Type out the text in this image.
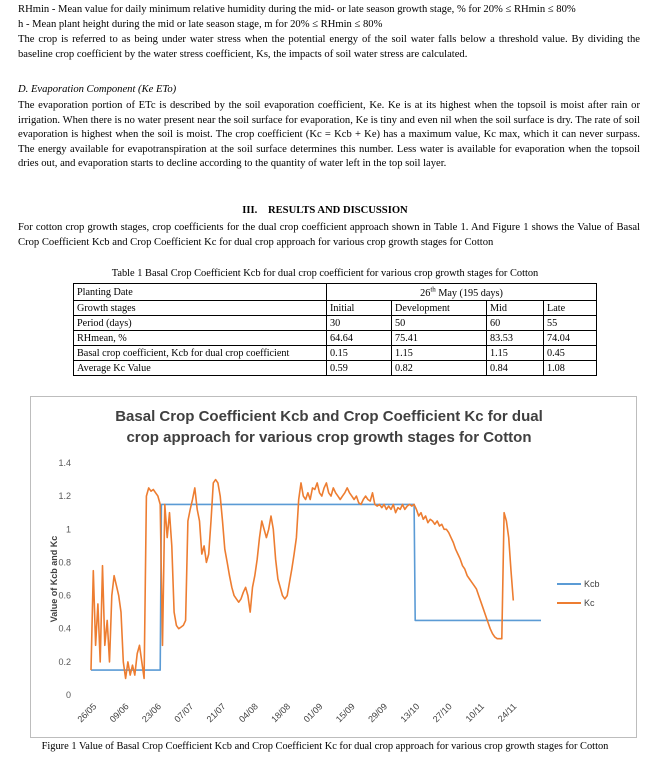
RHmin - Mean value for daily minimum relative humidity during the mid- or late season growth stage, % for 20% ≤ RHmin ≤ 80%
h - Mean plant height during the mid or late season stage, m for 20% ≤ RHmin ≤ 80%
The crop is referred to as being under water stress when the potential energy of the soil water falls below a threshold value. By dividing the baseline crop coefficient by the water stress coefficient, Ks, the impacts of soil water stress are calculated.
D. Evaporation Component (Ke ETo)
The evaporation portion of ETc is described by the soil evaporation coefficient, Ke. Ke is at its highest when the topsoil is moist after rain or irrigation. When there is no water present near the soil surface for evaporation, Ke is tiny and even nil when the soil surface is dry. The rate of soil evaporation is highest when the soil is moist. The crop coefficient (Kc = Kcb + Ke) has a maximum value, Kc max, which it can never surpass. The energy available for evapotranspiration at the soil surface determines this number. Less water is available for evaporation when the topsoil dries out, and evaporation starts to decline according to the quantity of water left in the top soil layer.
III. RESULTS AND DISCUSSION
For cotton crop growth stages, crop coefficients for the dual crop coefficient approach shown in Table 1. And Figure 1 shows the Value of Basal Crop Coefficient Kcb and Crop Coefficient Kc for dual crop approach for various crop growth stages for Cotton
Table 1 Basal Crop Coefficient Kcb for dual crop coefficient for various crop growth stages for Cotton
Planting Date	26th May (195 days)			
Growth stages	Initial	Development	Mid	Late
Period (days)	30	50	60	55
RHmean, %	64.64	75.41	83.53	74.04
Basal crop coefficient, Kcb for dual crop coefficient	0.15	1.15	1.15	0.45
Average Kc Value	0.59	0.82	0.84	1.08
Basal Crop Coefficient Kcb and Crop Coefficient Kc for dual
crop approach for various crop growth stages for Cotton
Value of Kcb and Kc
0
0.2
0.4
0.6
0.8
1
1.2
1.4
26/05 09/06 23/06 07/07 21/07 04/08 18/08 01/09 15/09 29/09 13/10 27/10 10/11 24/11
Kcb
Kc
Figure 1 Value of Basal Crop Coefficient Kcb and Crop Coefficient Kc for dual crop approach for various crop growth stages for Cotton
